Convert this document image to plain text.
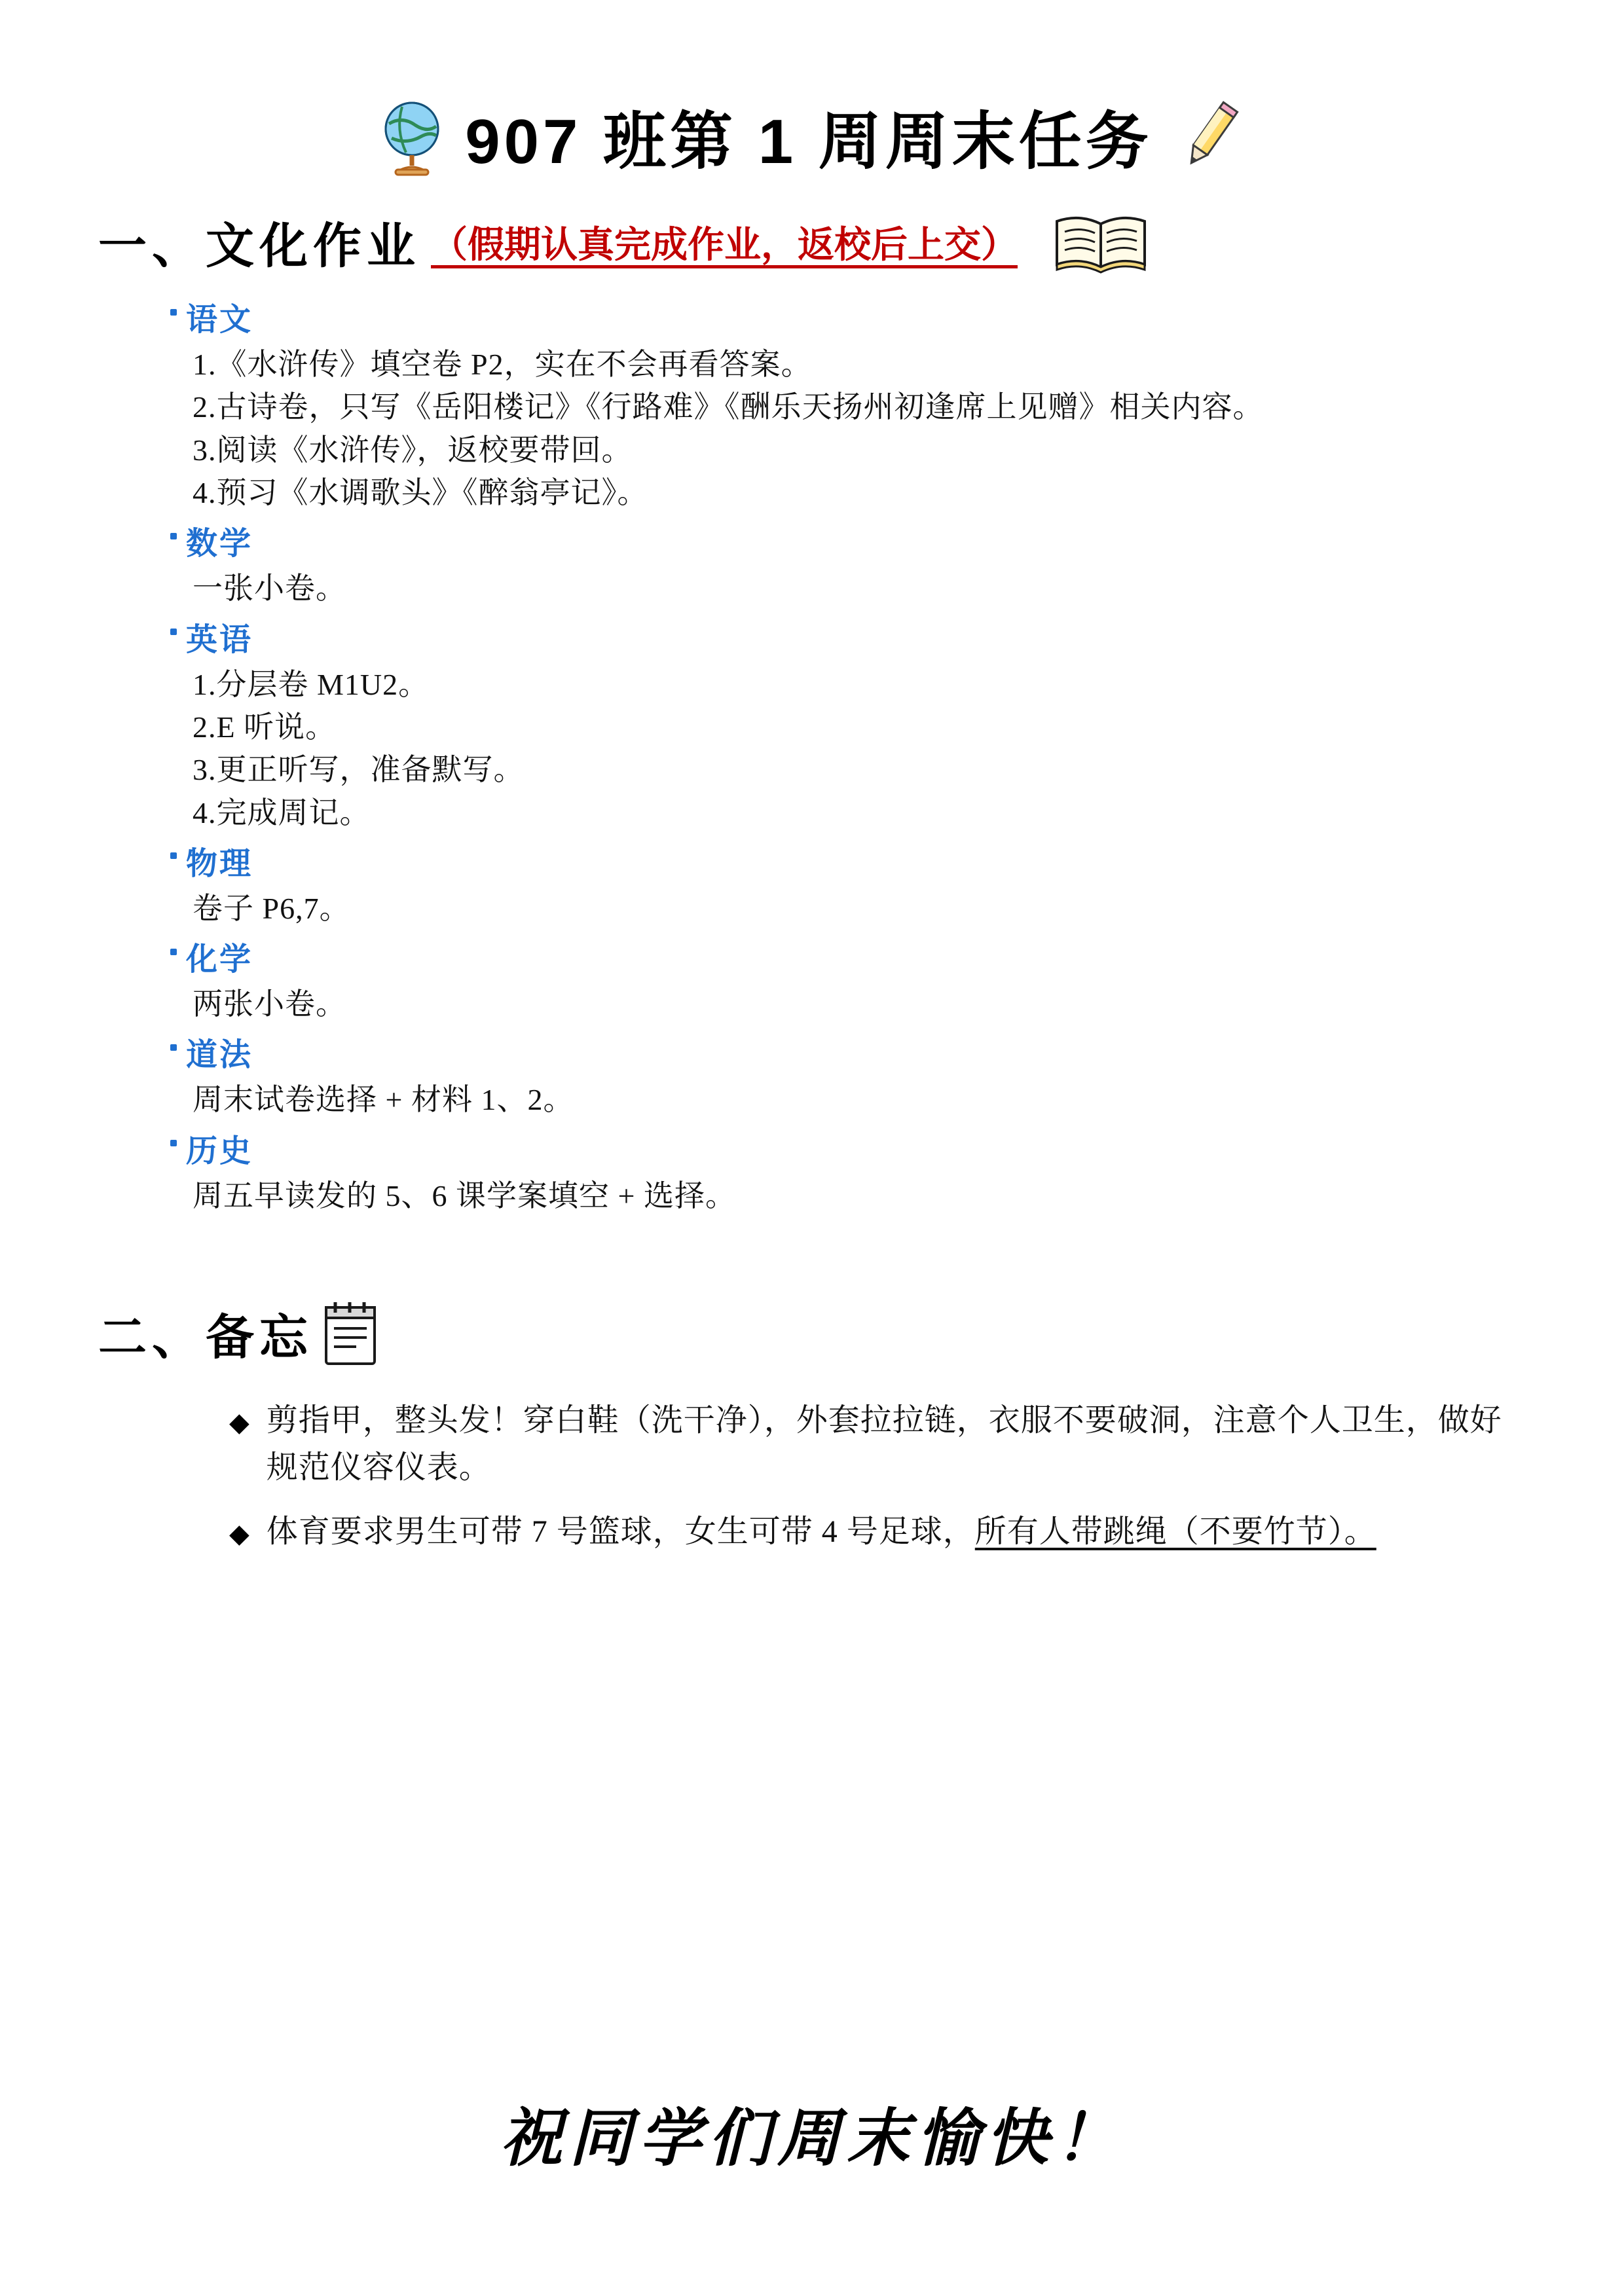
907 班第 1 周周末任务
一、文化作业 （假期认真完成作业，返校后上交）
语文
1.《水浒传》填空卷 P2，实在不会再看答案。
2.古诗卷，只写《岳阳楼记》《行路难》《酬乐天扬州初逢席上见赠》相关内容。
3.阅读《水浒传》，返校要带回。
4.预习《水调歌头》《醉翁亭记》。
数学
一张小卷。
英语
1.分层卷 M1U2。
2.E 听说。
3.更正听写，准备默写。
4.完成周记。
物理
卷子 P6,7。
化学
两张小卷。
道法
周末试卷选择 + 材料 1、2。
历史
周五早读发的 5、6 课学案填空 + 选择。
二、备忘
◆ 剪指甲，整头发！穿白鞋（洗干净），外套拉拉链，衣服不要破洞，注意个人卫生，做好规范仪容仪表。
◆ 体育要求男生可带 7 号篮球，女生可带 4 号足球，所有人带跳绳（不要竹节）。
祝同学们周末愉快！
